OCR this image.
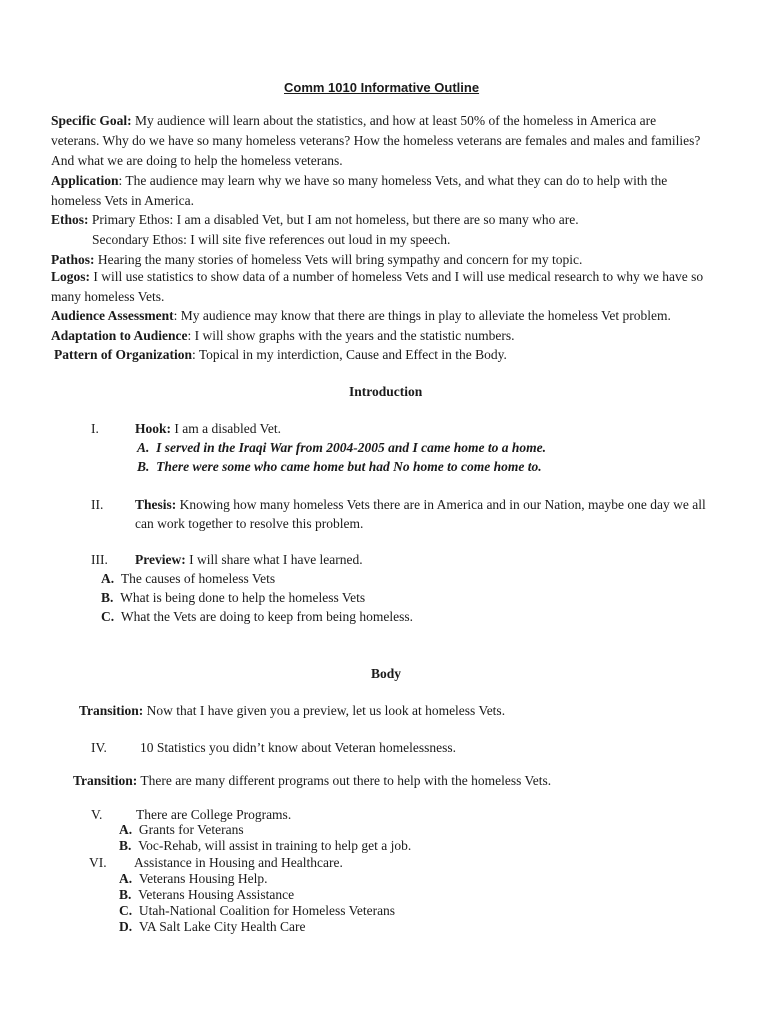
Comm 1010 Informative Outline
Specific Goal: My audience will learn about the statistics, and how at least 50% of the homeless in America are
veterans. Why do we have so many homeless veterans? How the homeless veterans are females and males and families?
And what we are doing to help the homeless veterans.
Application: The audience may learn why we have so many homeless Vets, and what they can do to help with the
homeless Vets in America.
Ethos: Primary Ethos: I am a disabled Vet, but I am not homeless, but there are so many who are.
Secondary Ethos: I will site five references out loud in my speech.
Pathos: Hearing the many stories of homeless Vets will bring sympathy and concern for my topic.
Logos: I will use statistics to show data of a number of homeless Vets and I will use medical research to why we have so
many homeless Vets.
Audience Assessment: My audience may know that there are things in play to alleviate the homeless Vet problem.
Adaptation to Audience: I will show graphs with the years and the statistic numbers.
Pattern of Organization: Topical in my interdiction, Cause and Effect in the Body.
Introduction
I.	Hook: I am a disabled Vet.
A. I served in the Iraqi War from 2004-2005 and I came home to a home.
B. There were some who came home but had No home to come home to.
II. Thesis: Knowing how many homeless Vets there are in America and in our Nation, maybe one day we all
can work together to resolve this problem.
III. Preview: I will share what I have learned.
A. The causes of homeless Vets
B. What is being done to help the homeless Vets
C. What the Vets are doing to keep from being homeless.
Body
Transition: Now that I have given you a preview, let us look at homeless Vets.
IV. 10 Statistics you didn’t know about Veteran homelessness.
Transition: There are many different programs out there to help with the homeless Vets.
V. There are College Programs.
A. Grants for Veterans
B. Voc-Rehab, will assist in training to help get a job.
VI. Assistance in Housing and Healthcare.
A. Veterans Housing Help.
B. Veterans Housing Assistance
C. Utah-National Coalition for Homeless Veterans
D. VA Salt Lake City Health Care
